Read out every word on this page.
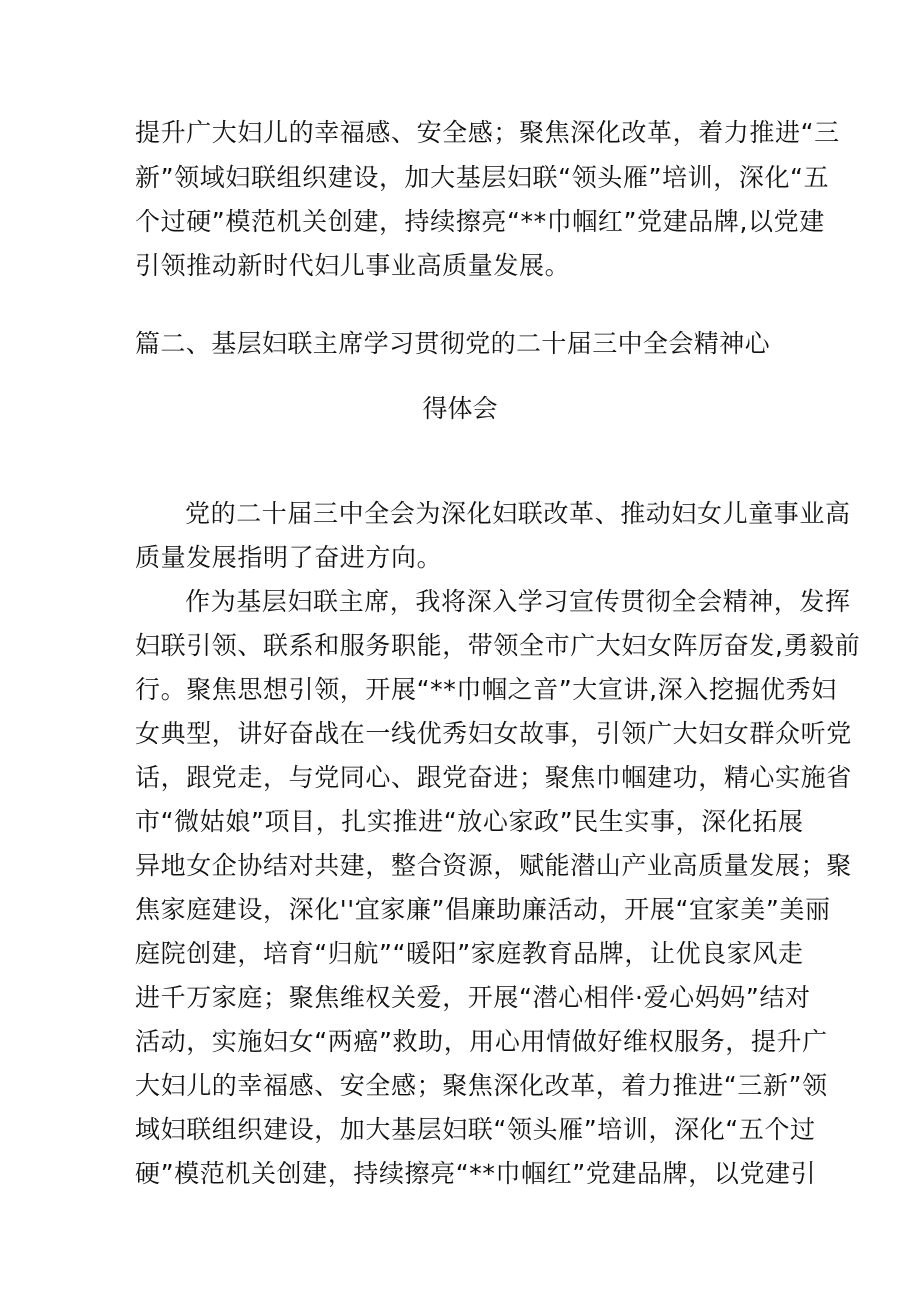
提升广大妇儿的幸福感、安全感；聚焦深化改革，着力推进“三
新”领域妇联组织建设，加大基层妇联“领头雁”培训，深化“五
个过硬”模范机关创建，持续擦亮“**巾帼红”党建品牌,以党建
引领推动新时代妇儿事业高质量发展。
篇二、基层妇联主席学习贯彻党的二十届三中全会精神心
得体会
党的二十届三中全会为深化妇联改革、推动妇女儿童事业高
质量发展指明了奋进方向。
作为基层妇联主席，我将深入学习宣传贯彻全会精神，发挥
妇联引领、联系和服务职能，带领全市广大妇女阵厉奋发,勇毅前
行。聚焦思想引领，开展“**巾帼之音”大宣讲,深入挖掘优秀妇
女典型，讲好奋战在一线优秀妇女故事，引领广大妇女群众听党
话，跟党走，与党同心、跟党奋进；聚焦巾帼建功，精心实施省
市“微姑娘”项目，扎实推进“放心家政”民生实事，深化拓展
异地女企协结对共建，整合资源，赋能潜山产业高质量发展；聚
焦家庭建设，深化''宜家廉”倡廉助廉活动，开展“宜家美”美丽
庭院创建，培育“归航”“暖阳”家庭教育品牌，让优良家风走
进千万家庭；聚焦维权关爱，开展“潜心相伴·爱心妈妈”结对
活动，实施妇女“两癌”救助，用心用情做好维权服务，提升广
大妇儿的幸福感、安全感；聚焦深化改革，着力推进“三新”领
域妇联组织建设，加大基层妇联“领头雁”培训，深化“五个过
硬”模范机关创建，持续擦亮“**巾帼红”党建品牌，以党建引
